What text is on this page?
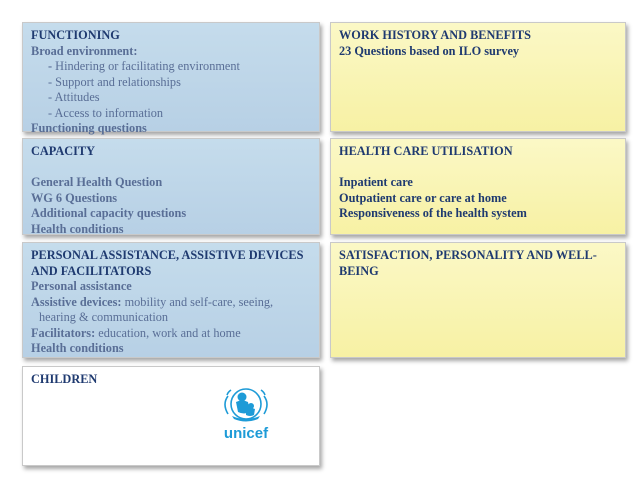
FUNCTIONING
Broad environment:
- Hindering or facilitating environment
- Support and relationships
- Attitudes
- Access to information
Functioning questions
WORK HISTORY AND BENEFITS
23 Questions based on ILO survey
CAPACITY
General Health Question
WG 6 Questions
Additional capacity questions
Health conditions
HEALTH CARE UTILISATION
Inpatient care
Outpatient care or care at home
Responsiveness of the health system
PERSONAL ASSISTANCE, ASSISTIVE DEVICES
AND FACILITATORS
Personal assistance
Assistive devices: mobility and self-care, seeing,
hearing & communication
Facilitators: education, work and at home
Health conditions
SATISFACTION, PERSONALITY AND WELL-
BEING
CHILDREN
unicef
